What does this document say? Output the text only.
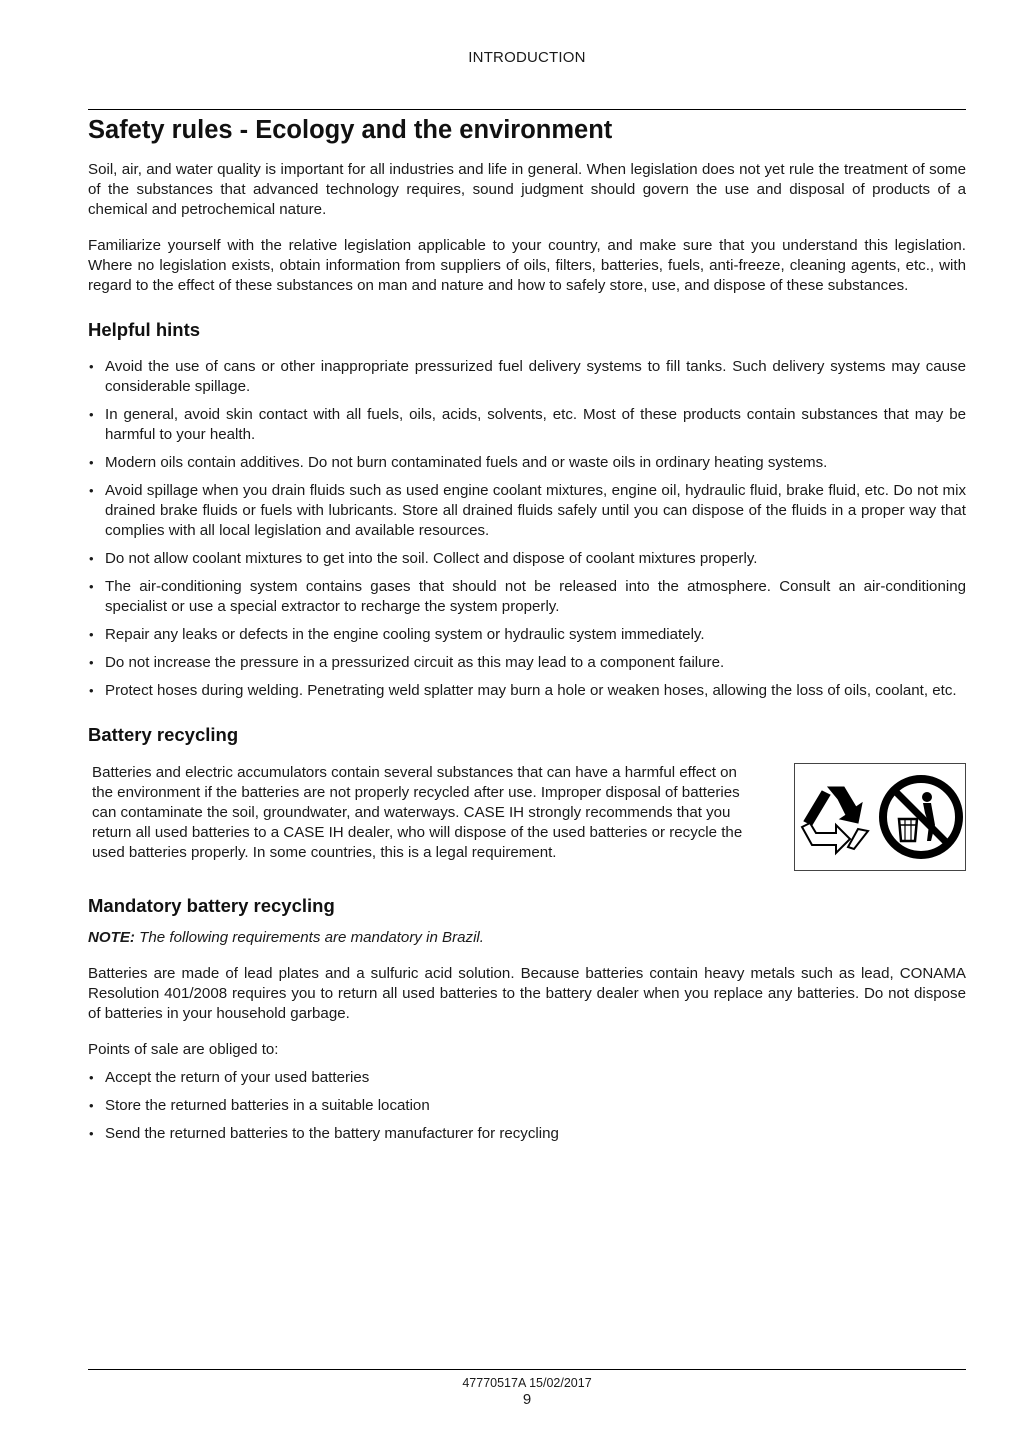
INTRODUCTION
Safety rules - Ecology and the environment

Soil, air, and water quality is important for all industries and life in general. When legislation does not yet rule the treatment of some of the substances that advanced technology requires, sound judgment should govern the use and disposal of products of a chemical and petrochemical nature.

Familiarize yourself with the relative legislation applicable to your country, and make sure that you understand this legislation. Where no legislation exists, obtain information from suppliers of oils, filters, batteries, fuels, anti-freeze, cleaning agents, etc., with regard to the effect of these substances on man and nature and how to safely store, use, and dispose of these substances.

Helpful hints
• Avoid the use of cans or other inappropriate pressurized fuel delivery systems to fill tanks. Such delivery systems may cause considerable spillage.
• In general, avoid skin contact with all fuels, oils, acids, solvents, etc. Most of these products contain substances that may be harmful to your health.
• Modern oils contain additives. Do not burn contaminated fuels and or waste oils in ordinary heating systems.
• Avoid spillage when you drain fluids such as used engine coolant mixtures, engine oil, hydraulic fluid, brake fluid, etc. Do not mix drained brake fluids or fuels with lubricants. Store all drained fluids safely until you can dispose of the fluids in a proper way that complies with all local legislation and available resources.
• Do not allow coolant mixtures to get into the soil. Collect and dispose of coolant mixtures properly.
• The air-conditioning system contains gases that should not be released into the atmosphere. Consult an air-conditioning specialist or use a special extractor to recharge the system properly.
• Repair any leaks or defects in the engine cooling system or hydraulic system immediately.
• Do not increase the pressure in a pressurized circuit as this may lead to a component failure.
• Protect hoses during welding. Penetrating weld splatter may burn a hole or weaken hoses, allowing the loss of oils, coolant, etc.
Battery recycling

Batteries and electric accumulators contain several substances that can have a harmful effect on the environment if the batteries are not properly recycled after use. Improper disposal of batteries can contaminate the soil, groundwater, and waterways. CASE IH strongly recommends that you return all used batteries to a CASE IH dealer, who will dispose of the used batteries or recycle the used batteries properly. In some countries, this is a legal requirement.

Mandatory battery recycling

NOTE: The following requirements are mandatory in Brazil.

Batteries are made of lead plates and a sulfuric acid solution. Because batteries contain heavy metals such as lead, CONAMA Resolution 401/2008 requires you to return all used batteries to the battery dealer when you replace any batteries. Do not dispose of batteries in your household garbage.

Points of sale are obliged to:

• Accept the return of your used batteries
• Store the returned batteries in a suitable location
• Send the returned batteries to the battery manufacturer for recycling
47770517A 15/02/2017
9
